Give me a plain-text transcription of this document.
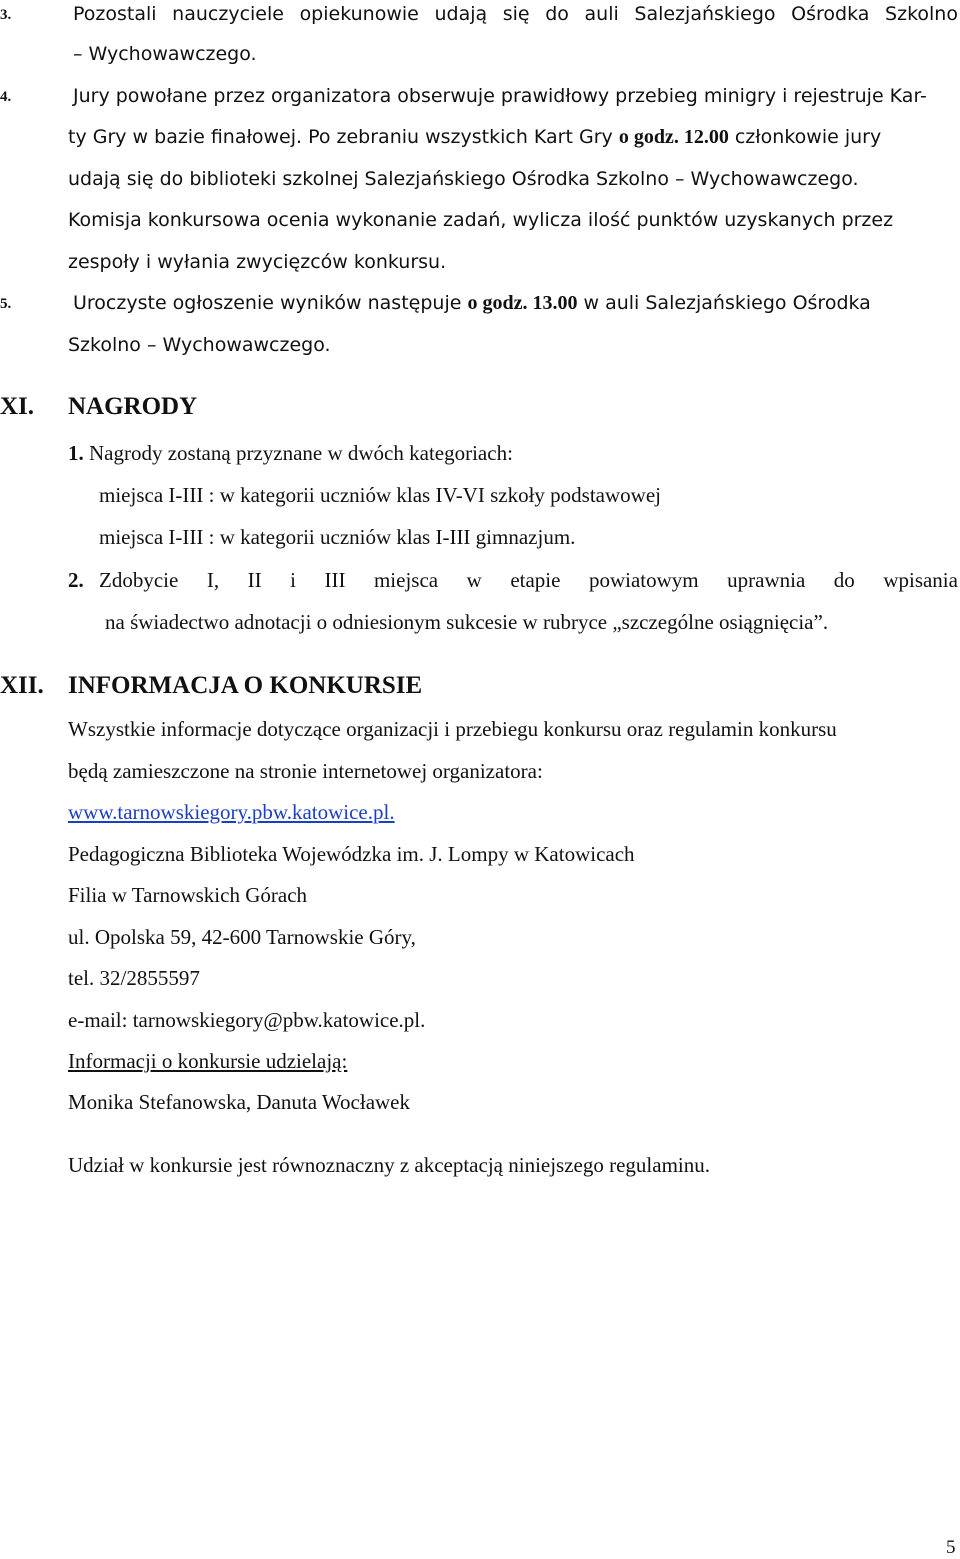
3.	Pozostali nauczyciele opiekunowie udają się do auli Salezjańskiego Ośrodka Szkolno
– Wychowawczego.
4.	Jury powołane przez organizatora obserwuje prawidłowy przebieg minigry i rejestruje Kar-
ty Gry w bazie finałowej. Po zebraniu wszystkich Kart Gry o godz. 12.00 członkowie jury
udają się do biblioteki szkolnej Salezjańskiego Ośrodka Szkolno – Wychowawczego.
Komisja konkursowa ocenia wykonanie zadań, wylicza ilość punktów uzyskanych przez
zespoły i wyłania zwycięzców konkursu.
5.	Uroczyste ogłoszenie wyników następuje o godz. 13.00 w auli Salezjańskiego Ośrodka
Szkolno – Wychowawczego.
XI. NAGRODY
1. Nagrody zostaną przyznane w dwóch kategoriach:
miejsca I-III : w kategorii uczniów klas IV-VI szkoły podstawowej
miejsca I-III : w kategorii uczniów klas I-III gimnazjum.
2. Zdobycie I, II i III miejsca w etapie powiatowym uprawnia do wpisania
na świadectwo adnotacji o odniesionym sukcesie w rubryce „szczególne osiągnięcia”.
XII. INFORMACJA O KONKURSIE
Wszystkie informacje dotyczące organizacji i przebiegu konkursu oraz regulamin konkursu
będą zamieszczone na stronie internetowej organizatora:
www.tarnowskiegory.pbw.katowice.pl.
Pedagogiczna Biblioteka Wojewódzka im. J. Lompy w Katowicach
Filia w Tarnowskich Górach
ul. Opolska 59, 42-600 Tarnowskie Góry,
tel. 32/2855597
e-mail: tarnowskiegory@pbw.katowice.pl.
Informacji o konkursie udzielają:
Monika Stefanowska, Danuta Wocławek
Udział w konkursie jest równoznaczny z akceptacją niniejszego regulaminu.
5
